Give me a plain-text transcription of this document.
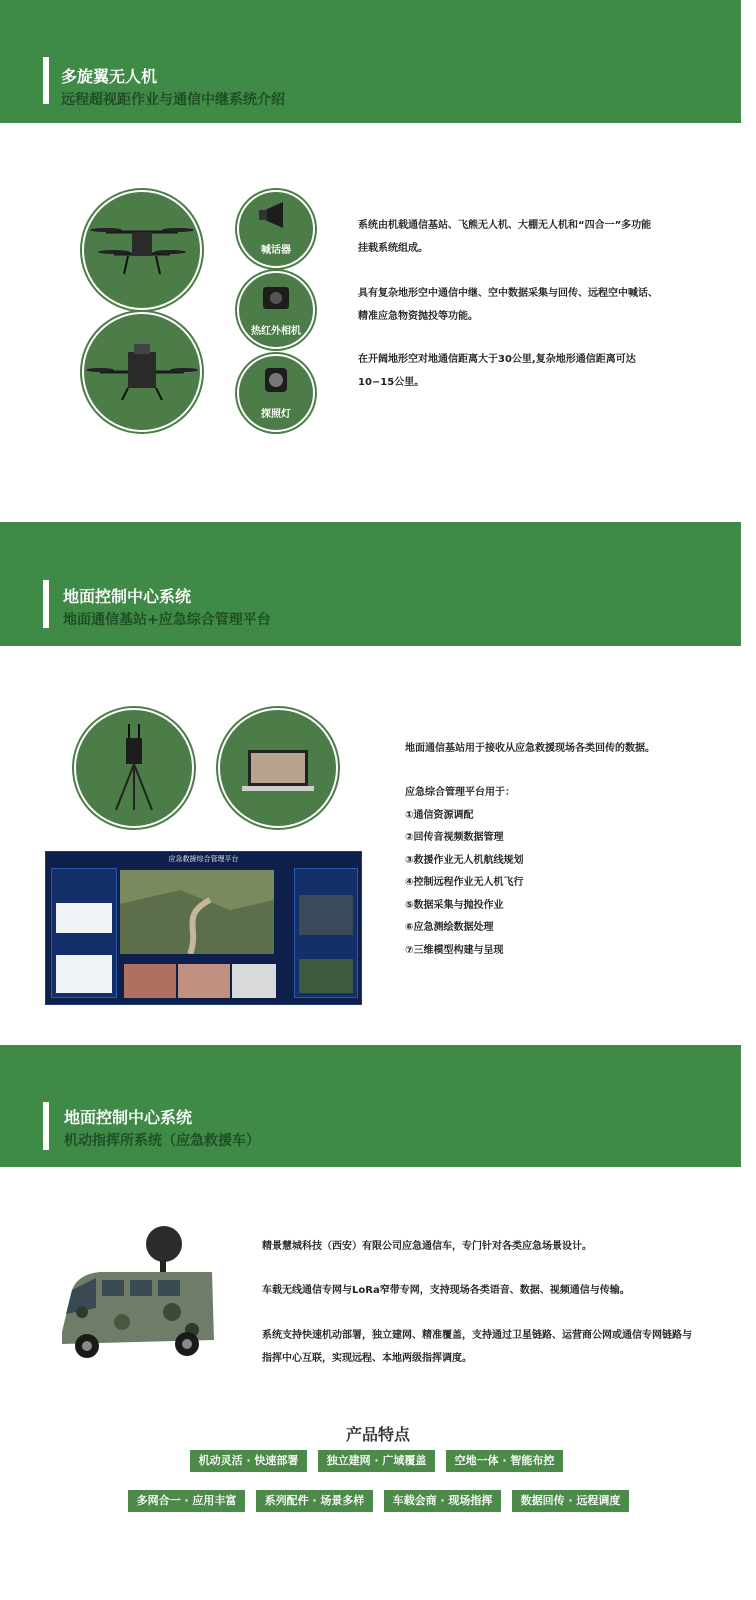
多旋翼无人机
远程超视距作业与通信中继系统介绍
喊话器
热红外相机
探照灯
系统由机载通信基站、飞熊无人机、大棚无人机和“四合一”多功能挂载系统组成。
具有复杂地形空中通信中继、空中数据采集与回传、远程空中喊话、精准应急物资抛投等功能。
在开阔地形空对地通信距离大于30公里,复杂地形通信距离可达10−15公里。
地面控制中心系统
地面通信基站+应急综合管理平台
应急救援综合管理平台
地面通信基站用于接收从应急救援现场各类回传的数据。
应急综合管理平台用于：
①通信资源调配
②回传音视频数据管理
③救援作业无人机航线规划
④控制远程作业无人机飞行
⑤数据采集与抛投作业
⑥应急测绘数据处理
⑦三维模型构建与呈现
地面控制中心系统
机动指挥所系统（应急救援车）
精景慧城科技（西安）有限公司应急通信车，专门针对各类应急场景设计。
车载无线通信专网与LoRa窄带专网，支持现场各类语音、数据、视频通信与传输。
系统支持快速机动部署，独立建网、精准覆盖，支持通过卫星链路、运营商公网或通信专网链路与指挥中心互联，实现远程、本地两级指挥调度。
产品特点
机动灵活 · 快速部署	独立建网 · 广域覆盖	空地一体 · 智能布控
多网合一 · 应用丰富	系列配件 · 场景多样	车载会商 · 现场指挥	数据回传 · 远程调度
